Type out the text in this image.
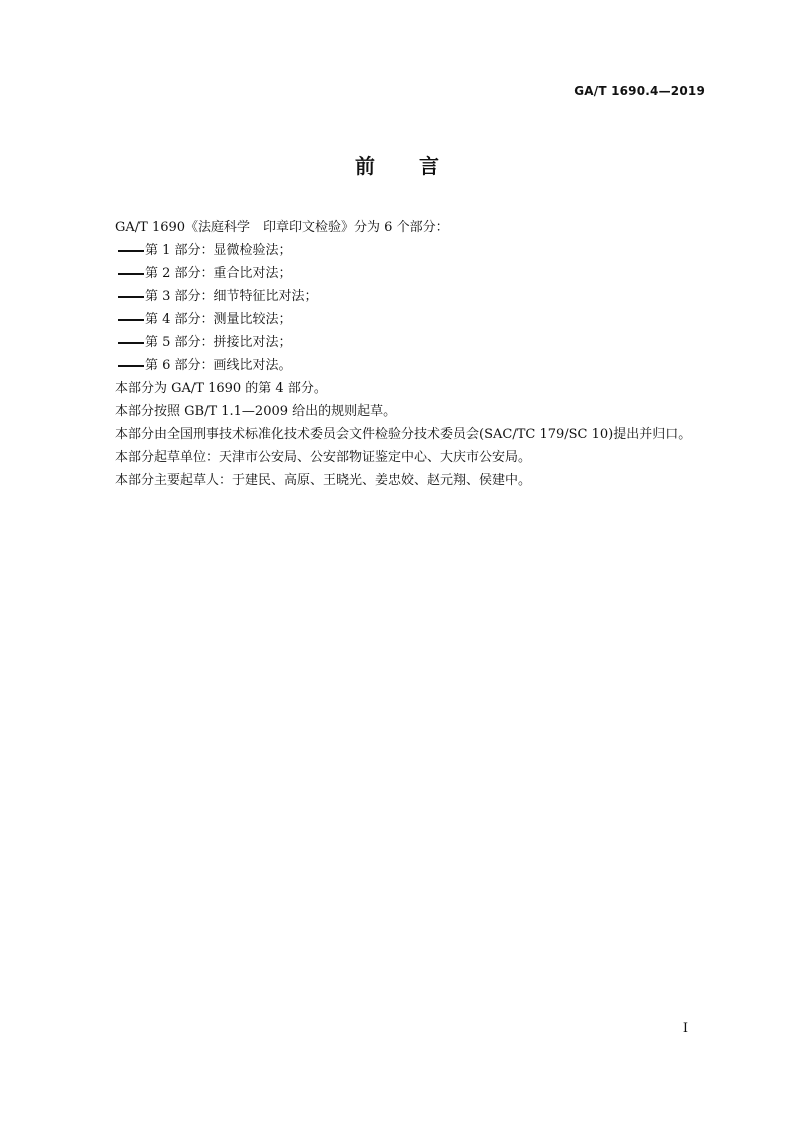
GA/T 1690.4—2019
前 言

GA/T 1690《法庭科学　印章印文检验》分为 6 个部分：

第 1 部分：显微检验法；

第 2 部分：重合比对法；

第 3 部分：细节特征比对法；

第 4 部分：测量比较法；

第 5 部分：拼接比对法；

第 6 部分：画线比对法。

本部分为 GA/T 1690 的第 4 部分。

本部分按照 GB/T 1.1—2009 给出的规则起草。

本部分由全国刑事技术标准化技术委员会文件检验分技术委员会(SAC/TC 179/SC 10)提出并归口。

本部分起草单位：天津市公安局、公安部物证鉴定中心、大庆市公安局。

本部分主要起草人：于建民、高原、王晓光、姜忠姣、赵元翔、侯建中。

I
